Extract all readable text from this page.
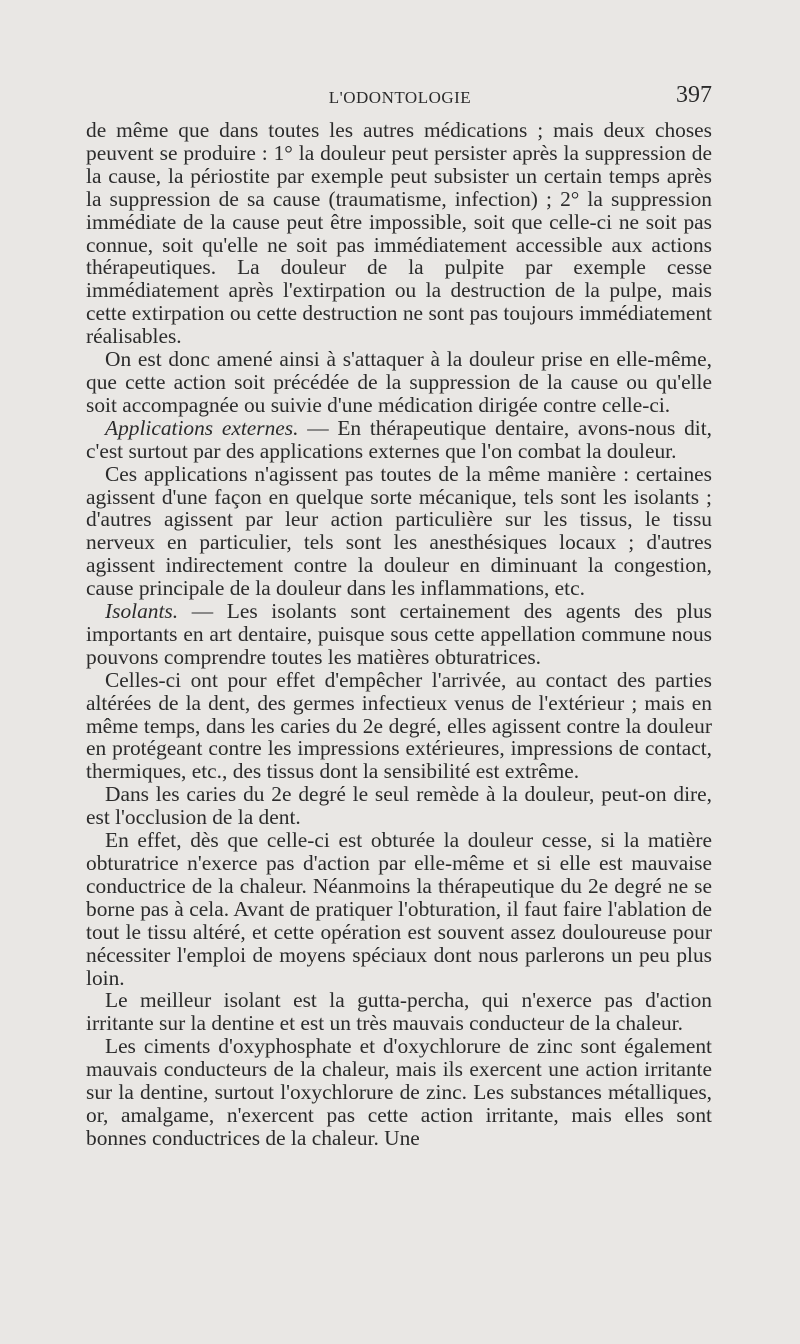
L'ODONTOLOGIE	397

de même que dans toutes les autres médications ; mais deux choses peuvent se produire : 1° la douleur peut persister après la suppression de la cause, la périostite par exemple peut subsister un certain temps après la suppression de sa cause (traumatisme, infection) ; 2° la suppression immédiate de la cause peut être impossible, soit que celle-ci ne soit pas connue, soit qu'elle ne soit pas immédiatement accessible aux actions thérapeutiques. La douleur de la pulpite par exemple cesse immédiatement après l'extirpation ou la destruction de la pulpe, mais cette extirpation ou cette destruction ne sont pas toujours immédiatement réalisables.

On est donc amené ainsi à s'attaquer à la douleur prise en elle-même, que cette action soit précédée de la suppression de la cause ou qu'elle soit accompagnée ou suivie d'une médication dirigée contre celle-ci.

Applications externes. — En thérapeutique dentaire, avons-nous dit, c'est surtout par des applications externes que l'on combat la douleur.

Ces applications n'agissent pas toutes de la même manière : certaines agissent d'une façon en quelque sorte mécanique, tels sont les isolants ; d'autres agissent par leur action particulière sur les tissus, le tissu nerveux en particulier, tels sont les anesthésiques locaux ; d'autres agissent indirectement contre la douleur en diminuant la congestion, cause principale de la douleur dans les inflammations, etc.

Isolants. — Les isolants sont certainement des agents des plus importants en art dentaire, puisque sous cette appellation commune nous pouvons comprendre toutes les matières obturatrices.

Celles-ci ont pour effet d'empêcher l'arrivée, au contact des parties altérées de la dent, des germes infectieux venus de l'extérieur ; mais en même temps, dans les caries du 2e degré, elles agissent contre la douleur en protégeant contre les impressions extérieures, impressions de contact, thermiques, etc., des tissus dont la sensibilité est extrême.

Dans les caries du 2e degré le seul remède à la douleur, peut-on dire, est l'occlusion de la dent.

En effet, dès que celle-ci est obturée la douleur cesse, si la matière obturatrice n'exerce pas d'action par elle-même et si elle est mauvaise conductrice de la chaleur. Néanmoins la thérapeutique du 2e degré ne se borne pas à cela. Avant de pratiquer l'obturation, il faut faire l'ablation de tout le tissu altéré, et cette opération est souvent assez douloureuse pour nécessiter l'emploi de moyens spéciaux dont nous parlerons un peu plus loin.

Le meilleur isolant est la gutta-percha, qui n'exerce pas d'action irritante sur la dentine et est un très mauvais conducteur de la chaleur.

Les ciments d'oxyphosphate et d'oxychlorure de zinc sont également mauvais conducteurs de la chaleur, mais ils exercent une action irritante sur la dentine, surtout l'oxychlorure de zinc. Les substances métalliques, or, amalgame, n'exercent pas cette action irritante, mais elles sont bonnes conductrices de la chaleur. Une
